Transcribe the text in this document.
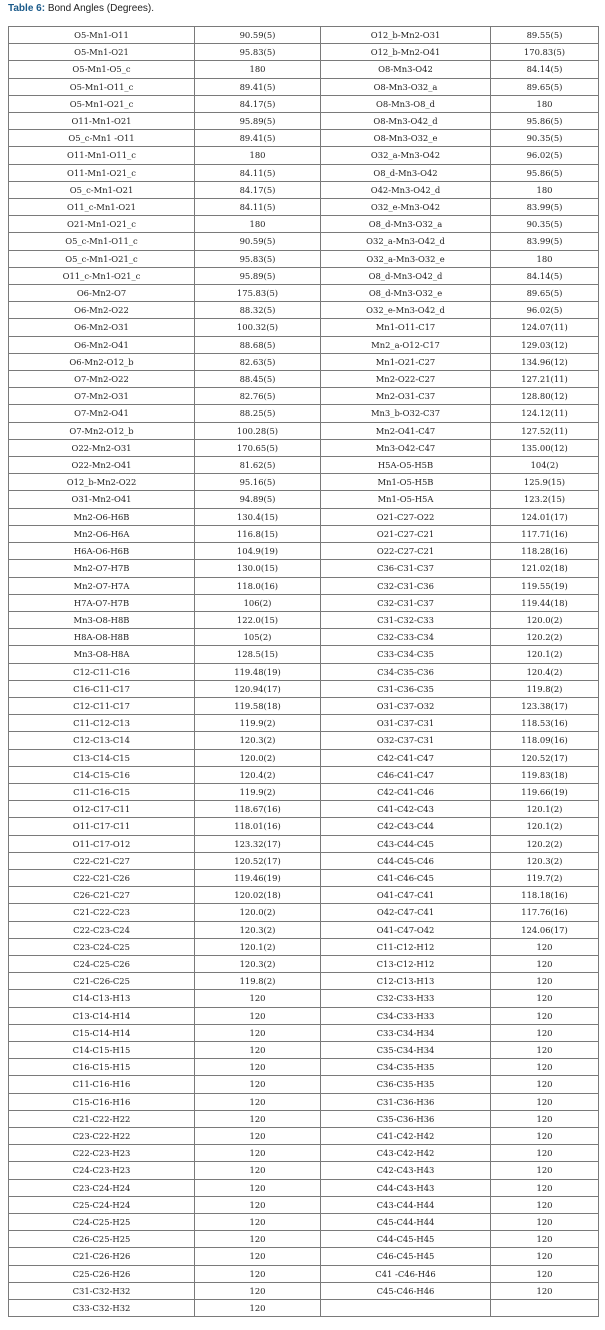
Table 6: Bond Angles (Degrees).
O5-Mn1-O11	90.59(5)	O12_b-Mn2-O31	89.55(5)
O5-Mn1-O21	95.83(5)	O12_b-Mn2-O41	170.83(5)
O5-Mn1-O5_c	180	O8-Mn3-O42	84.14(5)
O5-Mn1-O11_c	89.41(5)	O8-Mn3-O32_a	89.65(5)
O5-Mn1-O21_c	84.17(5)	O8-Mn3-O8_d	180
O11-Mn1-O21	95.89(5)	O8-Mn3-O42_d	95.86(5)
O5_c-Mn1 -O11	89.41(5)	O8-Mn3-O32_e	90.35(5)
O11-Mn1-O11_c	180	O32_a-Mn3-O42	96.02(5)
O11-Mn1-O21_c	84.11(5)	O8_d-Mn3-O42	95.86(5)
O5_c-Mn1-O21	84.17(5)	O42-Mn3-O42_d	180
O11_c-Mn1-O21	84.11(5)	O32_e-Mn3-O42	83.99(5)
O21-Mn1-O21_c	180	O8_d-Mn3-O32_a	90.35(5)
O5_c-Mn1-O11_c	90.59(5)	O32_a-Mn3-O42_d	83.99(5)
O5_c-Mn1-O21_c	95.83(5)	O32_a-Mn3-O32_e	180
O11_c-Mn1-O21_c	95.89(5)	O8_d-Mn3-O42_d	84.14(5)
O6-Mn2-O7	175.83(5)	O8_d-Mn3-O32_e	89.65(5)
O6-Mn2-O22	88.32(5)	O32_e-Mn3-O42_d	96.02(5)
O6-Mn2-O31	100.32(5)	Mn1-O11-C17	124.07(11)
O6-Mn2-O41	88.68(5)	Mn2_a-O12-C17	129.03(12)
O6-Mn2-O12_b	82.63(5)	Mn1-O21-C27	134.96(12)
O7-Mn2-O22	88.45(5)	Mn2-O22-C27	127.21(11)
O7-Mn2-O31	82.76(5)	Mn2-O31-C37	128.80(12)
O7-Mn2-O41	88.25(5)	Mn3_b-O32-C37	124.12(11)
O7-Mn2-O12_b	100.28(5)	Mn2-O41-C47	127.52(11)
O22-Mn2-O31	170.65(5)	Mn3-O42-C47	135.00(12)
O22-Mn2-O41	81.62(5)	H5A-O5-H5B	104(2)
O12_b-Mn2-O22	95.16(5)	Mn1-O5-H5B	125.9(15)
O31-Mn2-O41	94.89(5)	Mn1-O5-H5A	123.2(15)
Mn2-O6-H6B	130.4(15)	O21-C27-O22	124.01(17)
Mn2-O6-H6A	116.8(15)	O21-C27-C21	117.71(16)
H6A-O6-H6B	104.9(19)	O22-C27-C21	118.28(16)
Mn2-O7-H7B	130.0(15)	C36-C31-C37	121.02(18)
Mn2-O7-H7A	118.0(16)	C32-C31-C36	119.55(19)
H7A-O7-H7B	106(2)	C32-C31-C37	119.44(18)
Mn3-O8-H8B	122.0(15)	C31-C32-C33	120.0(2)
H8A-O8-H8B	105(2)	C32-C33-C34	120.2(2)
Mn3-O8-H8A	128.5(15)	C33-C34-C35	120.1(2)
C12-C11-C16	119.48(19)	C34-C35-C36	120.4(2)
C16-C11-C17	120.94(17)	C31-C36-C35	119.8(2)
C12-C11-C17	119.58(18)	O31-C37-O32	123.38(17)
C11-C12-C13	119.9(2)	O31-C37-C31	118.53(16)
C12-C13-C14	120.3(2)	O32-C37-C31	118.09(16)
C13-C14-C15	120.0(2)	C42-C41-C47	120.52(17)
C14-C15-C16	120.4(2)	C46-C41-C47	119.83(18)
C11-C16-C15	119.9(2)	C42-C41-C46	119.66(19)
O12-C17-C11	118.67(16)	C41-C42-C43	120.1(2)
O11-C17-C11	118.01(16)	C42-C43-C44	120.1(2)
O11-C17-O12	123.32(17)	C43-C44-C45	120.2(2)
C22-C21-C27	120.52(17)	C44-C45-C46	120.3(2)
C22-C21-C26	119.46(19)	C41-C46-C45	119.7(2)
C26-C21-C27	120.02(18)	O41-C47-C41	118.18(16)
C21-C22-C23	120.0(2)	O42-C47-C41	117.76(16)
C22-C23-C24	120.3(2)	O41-C47-O42	124.06(17)
C23-C24-C25	120.1(2)	C11-C12-H12	120
C24-C25-C26	120.3(2)	C13-C12-H12	120
C21-C26-C25	119.8(2)	C12-C13-H13	120
C14-C13-H13	120	C32-C33-H33	120
C13-C14-H14	120	C34-C33-H33	120
C15-C14-H14	120	C33-C34-H34	120
C14-C15-H15	120	C35-C34-H34	120
C16-C15-H15	120	C34-C35-H35	120
C11-C16-H16	120	C36-C35-H35	120
C15-C16-H16	120	C31-C36-H36	120
C21-C22-H22	120	C35-C36-H36	120
C23-C22-H22	120	C41-C42-H42	120
C22-C23-H23	120	C43-C42-H42	120
C24-C23-H23	120	C42-C43-H43	120
C23-C24-H24	120	C44-C43-H43	120
C25-C24-H24	120	C43-C44-H44	120
C24-C25-H25	120	C45-C44-H44	120
C26-C25-H25	120	C44-C45-H45	120
C21-C26-H26	120	C46-C45-H45	120
C25-C26-H26	120	C41 -C46-H46	120
C31-C32-H32	120	C45-C46-H46	120
C33-C32-H32	120		
